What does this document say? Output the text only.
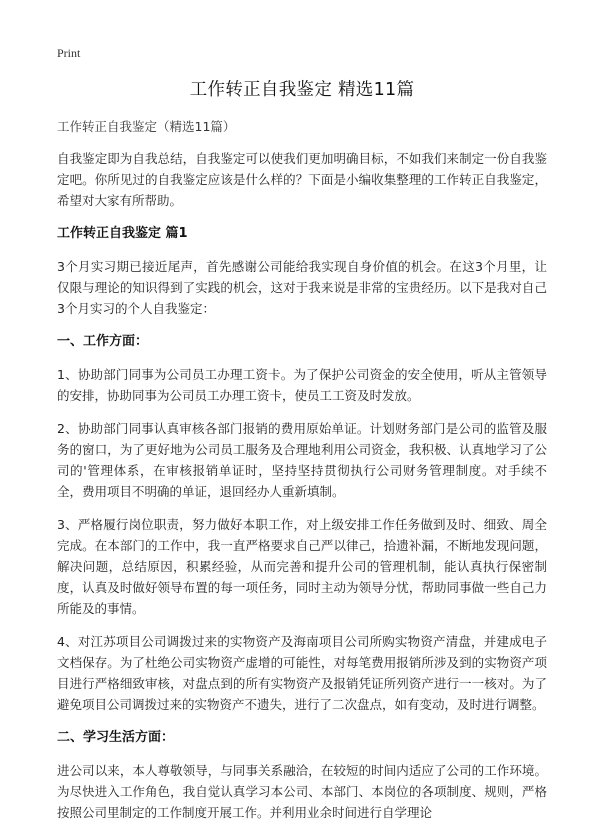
Print

工作转正自我鉴定 精选11篇

工作转正自我鉴定（精选11篇）

自我鉴定即为自我总结，自我鉴定可以使我们更加明确目标，不如我们来制定一份自我鉴定吧。你所见过的自我鉴定应该是什么样的？下面是小编收集整理的工作转正自我鉴定，希望对大家有所帮助。

工作转正自我鉴定 篇1

3个月实习期已接近尾声，首先感谢公司能给我实现自身价值的机会。在这3个月里，让仅限与理论的知识得到了实践的机会，这对于我来说是非常的宝贵经历。以下是我对自己3个月实习的个人自我鉴定：

一、工作方面：

1、协助部门同事为公司员工办理工资卡。为了保护公司资金的安全使用，听从主管领导的安排，协助同事为公司员工办理工资卡，使员工工资及时发放。

2、协助部门同事认真审核各部门报销的费用原始单证。计划财务部门是公司的监管及服务的窗口，为了更好地为公司员工服务及合理地利用公司资金，我积极、认真地学习了公司的'管理体系，在审核报销单证时，坚持坚持贯彻执行公司财务管理制度。对手续不全，费用项目不明确的单证，退回经办人重新填制。

3、严格履行岗位职责，努力做好本职工作，对上级安排工作任务做到及时、细致、周全完成。在本部门的工作中，我一直严格要求自己严以律己，拾遗补漏，不断地发现问题，解决问题，总结原因，积累经验，从而完善和提升公司的管理机制，能认真执行保密制度，认真及时做好领导布置的每一项任务，同时主动为领导分忧，帮助同事做一些自己力所能及的事情。

4、对江苏项目公司调拨过来的实物资产及海南项目公司所购实物资产清盘，并建成电子文档保存。为了杜绝公司实物资产虚增的可能性，对每笔费用报销所涉及到的实物资产项目进行严格细致审核，对盘点到的所有实物资产及报销凭证所列资产进行一一核对。为了避免项目公司调拨过来的实物资产不遗失，进行了二次盘点，如有变动，及时进行调整。

二、学习生活方面：

进公司以来，本人尊敬领导，与同事关系融洽，在较短的时间内适应了公司的工作环境。为尽快进入工作角色，我自觉认真学习本公司、本部门、本岗位的各项制度、规则，严格按照公司里制定的工作制度开展工作。并利用业余时间进行自学理论
